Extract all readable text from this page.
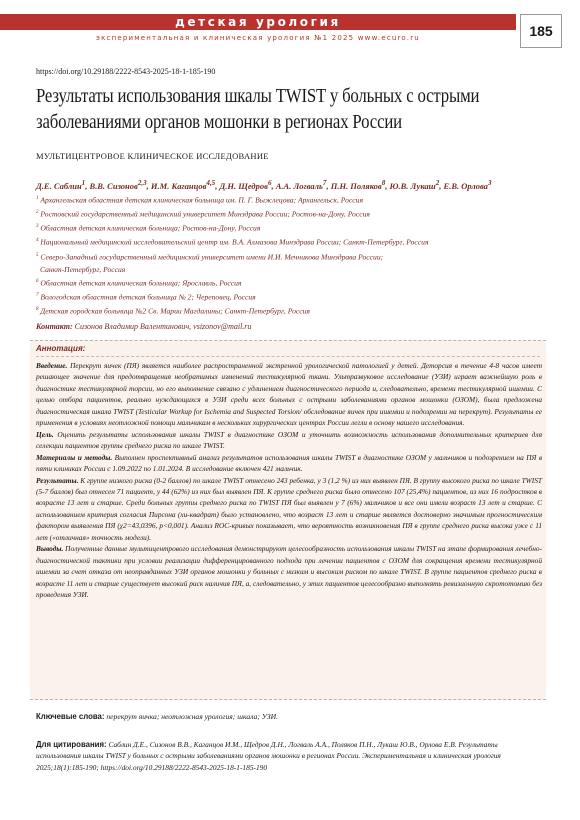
детская урология
экспериментальная и клиническая урология №1 2025 www.ecuro.ru	185
https://doi.org/10.29188/2222-8543-2025-18-1-185-190
Результаты использования шкалы TWIST у больных с острыми
заболеваниями органов мошонки в регионах России
МУЛЬТИЦЕНТРОВОЕ КЛИНИЧЕСКОЕ ИССЛЕДОВАНИЕ
Д.Е. Саблин$^1$, В.В. Сизонов$^{2,3}$, И.М. Каганцов$^{4,5}$, Д.Н. Щедров$^6$, А.А. Логваль$^7$, П.Н. Поляков$^8$, Ю.В. Лукаш$^2$, Е.В. Орлова$^3$
$^1$ Архангельская областная детская клиническая больница им. П. Г. Выжлецова; Архангельск, Россия
$^2$ Ростовский государственный медицинский университет Минздрава России; Ростов-на-Дону, Россия
$^3$ Областная детская клиническая больница; Ростов-на-Дону, Россия
$^4$ Национальный медицинский исследовательский центр им. В.А. Алмазова Минздрава России; Санкт-Петербург, Россия
$^5$ Северо-Западный государственный медицинский университет имени И.И. Мечникова Минздрава России;
Санкт-Петербург, Россия
$^6$ Областная детская клиническая больница; Ярославль, Россия
$^7$ Вологодская областная детская больница № 2; Череповец, Россия
$^8$ Детская городская больница №2 Св. Марии Магдалины; Санкт-Петербург, Россия
Контакт: Сизонов Владимир Валентинович, vsizonov@mail.ru
Аннотация:

Введение. Перекрут яичек (ПЯ) является наиболее распространенной экстренной урологической патологией у детей. Деторсия в течение 4-8 часов имеет решающее значение для предотвращения необратимых изменений тестикулярной ткани. Ультразвуковое исследование (УЗИ) играет важнейшую роль в диагностике тестикулярной торсии, но его выполнение связано с удлинением диагностического периода и, следовательно, времени тестикулярной ишемии. С целью отбора пациентов, реально нуждающихся в УЗИ среди всех больных с острыми заболеваниями органов мошонки (ОЗОМ), была предложена диагностическая шкала TWIST (Testicular Workup for Ischemia and Suspected Torsion/ обследование яичек при ишемии и подозрении на перекрут). Результаты ее применения в условиях неотложной помощи мальчикам в нескольких хирургических центрах России легли в основу нашего исследования.

Цель. Оценить результаты использования шкалы TWIST в диагностике ОЗОМ и уточнить возможность использования дополнительных критериев для селекции пациентов группы среднего риска по шкале TWIST.

Материалы и методы. Выполнен проспективный анализ результатов использования шкалы TWIST в диагностике ОЗОМ у мальчиков и подозрением на ПЯ в пяти клиниках России с 1.09.2022 по 1.01.2024. В исследование включен 421 мальчик.

Результаты. К группе низкого риска (0-2 баллов) по шкале TWIST отнесено 243 ребенка, у 3 (1,2 %) из них выявлен ПЯ. В группу высокого риска по шкале TWIST (5-7 баллов) был отнесен 71 пациент, у 44 (62%) из них был выявлен ПЯ. К группе среднего риска было отнесено 107 (25,4%) пациентов, из них 16 подростков в возрасте 13 лет и старше. Среди больных группы среднего риска по TWIST ПЯ был выявлен у 7 (6%) мальчиков и все они имели возраст 13 лет и старше. С использованием критерия согласия Пирсона (хи-квадрат) было установлено, что возраст 13 лет и старше является достоверно значимым прогностическим фактором выявления ПЯ (χ2=43,0396, p<0,001). Анализ ROC-кривых показывает, что вероятность возникновения ПЯ в группе среднего риска высока уже с 11 лет («отличная» точность модели).

Выводы. Полученные данные мультицентрового исследования демонстрируют целесообразность использования шкалы TWIST на этапе формирования лечебно-диагностической тактики при условии реализации дифференцированного подхода при лечении пациентов с ОЗОМ для сокращения времени тестикулярной ишемии за счет отказа от неоправданных УЗИ органов мошонки у больных с низким и высоким риском по шкале TWIST. В группе пациентов среднего риска в возрасте 11 лет и старше существует высокий риск наличия ПЯ, а, следовательно, у этих пациентов целесообразно выполнять ревизионную скрототомию без проведения УЗИ.

Ключевые слова: перекрут яичка; неотложная урология; шкала; УЗИ.
Для цитирования: Саблин Д.Е., Сизонов В.В., Каганцов И.М., Щедров Д.Н., Логваль А.А., Поляков П.Н., Лукаш Ю.В., Орлова Е.В. Результаты использования шкалы TWIST у больных с острыми заболеваниями органов мошонки в регионах России. Экспериментальная и клиническая урология 2025;18(1):185-190; https://doi.org/10.29188/2222-8543-2025-18-1-185-190
